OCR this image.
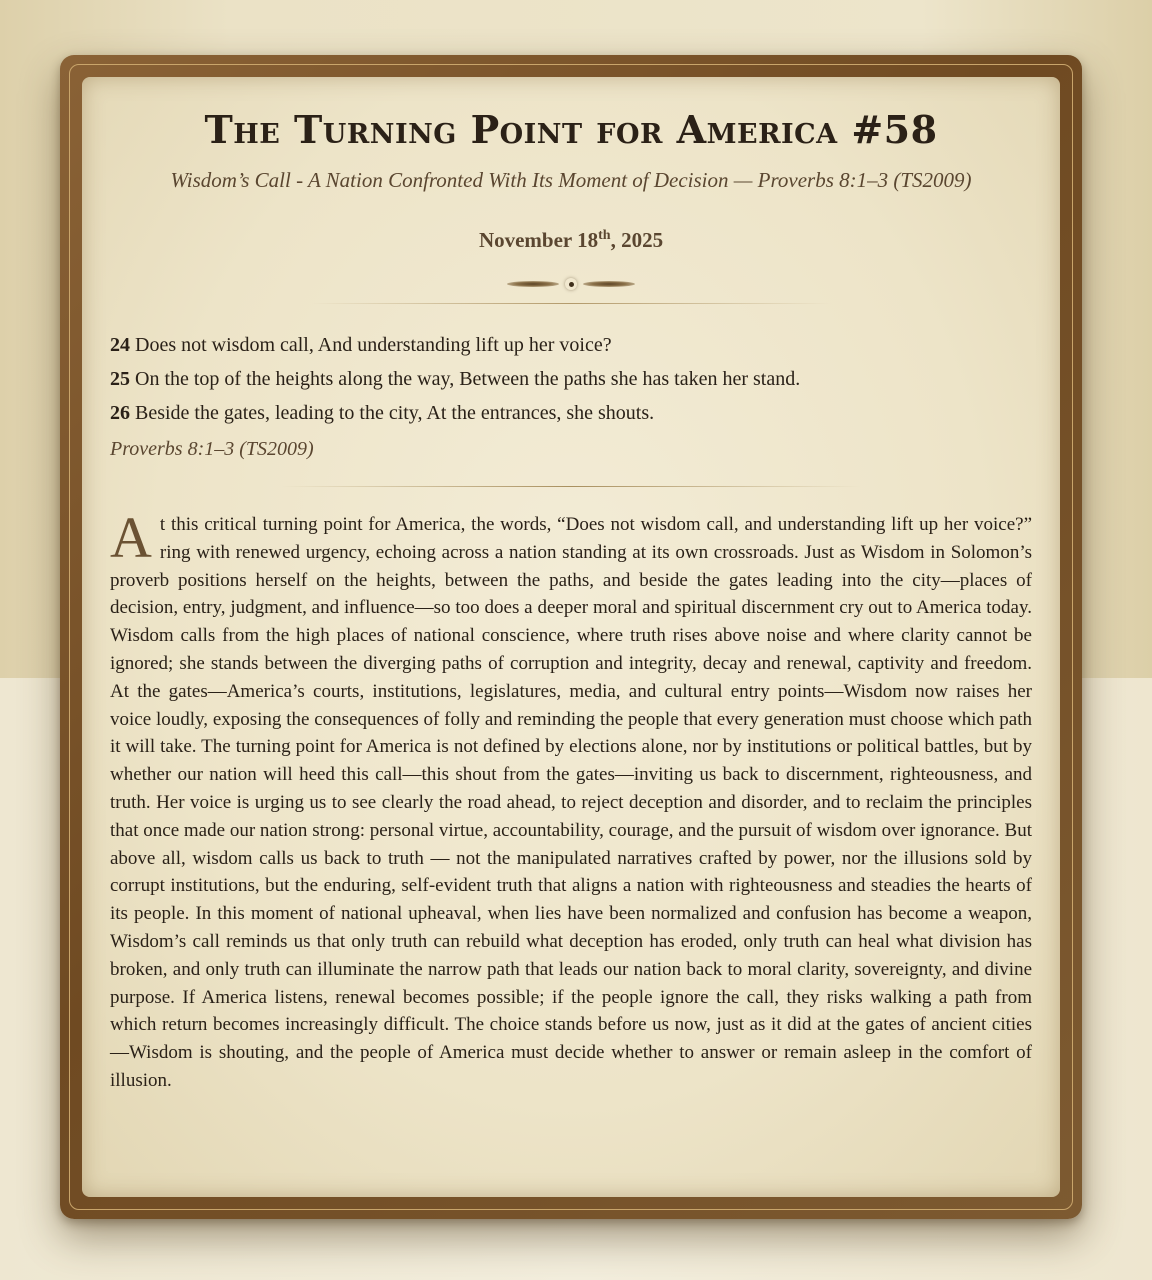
The Turning Point for America #58
Wisdom’s Call - A Nation Confronted With Its Moment of Decision — Proverbs 8:1–3 (TS2009)
November 18th, 2025
24 Does not wisdom call, And understanding lift up her voice?
25 On the top of the heights along the way, Between the paths she has taken her stand.
26 Beside the gates, leading to the city, At the entrances, she shouts.
Proverbs 8:1–3 (TS2009)
At this critical turning point for America, the words, “Does not wisdom call, and understanding lift up her voice?” ring with renewed urgency, echoing across a nation standing at its own crossroads. Just as Wisdom in Solomon’s proverb positions herself on the heights, between the paths, and beside the gates leading into the city—places of decision, entry, judgment, and influence—so too does a deeper moral and spiritual discernment cry out to America today. Wisdom calls from the high places of national conscience, where truth rises above noise and where clarity cannot be ignored; she stands between the diverging paths of corruption and integrity, decay and renewal, captivity and freedom. At the gates—America’s courts, institutions, legislatures, media, and cultural entry points—Wisdom now raises her voice loudly, exposing the consequences of folly and reminding the people that every generation must choose which path it will take. The turning point for America is not defined by elections alone, nor by institutions or political battles, but by whether our nation will heed this call—this shout from the gates—inviting us back to discernment, righteousness, and truth. Her voice is urging us to see clearly the road ahead, to reject deception and disorder, and to reclaim the principles that once made our nation strong: personal virtue, accountability, courage, and the pursuit of wisdom over ignorance. But above all, wisdom calls us back to truth — not the manipulated narratives crafted by power, nor the illusions sold by corrupt institutions, but the enduring, self-evident truth that aligns a nation with righteousness and steadies the hearts of its people. In this moment of national upheaval, when lies have been normalized and confusion has become a weapon, Wisdom’s call reminds us that only truth can rebuild what deception has eroded, only truth can heal what division has broken, and only truth can illuminate the narrow path that leads our nation back to moral clarity, sovereignty, and divine purpose. If America listens, renewal becomes possible; if the people ignore the call, they risks walking a path from which return becomes increasingly difficult. The choice stands before us now, just as it did at the gates of ancient cities—Wisdom is shouting, and the people of America must decide whether to answer or remain asleep in the comfort of illusion.
